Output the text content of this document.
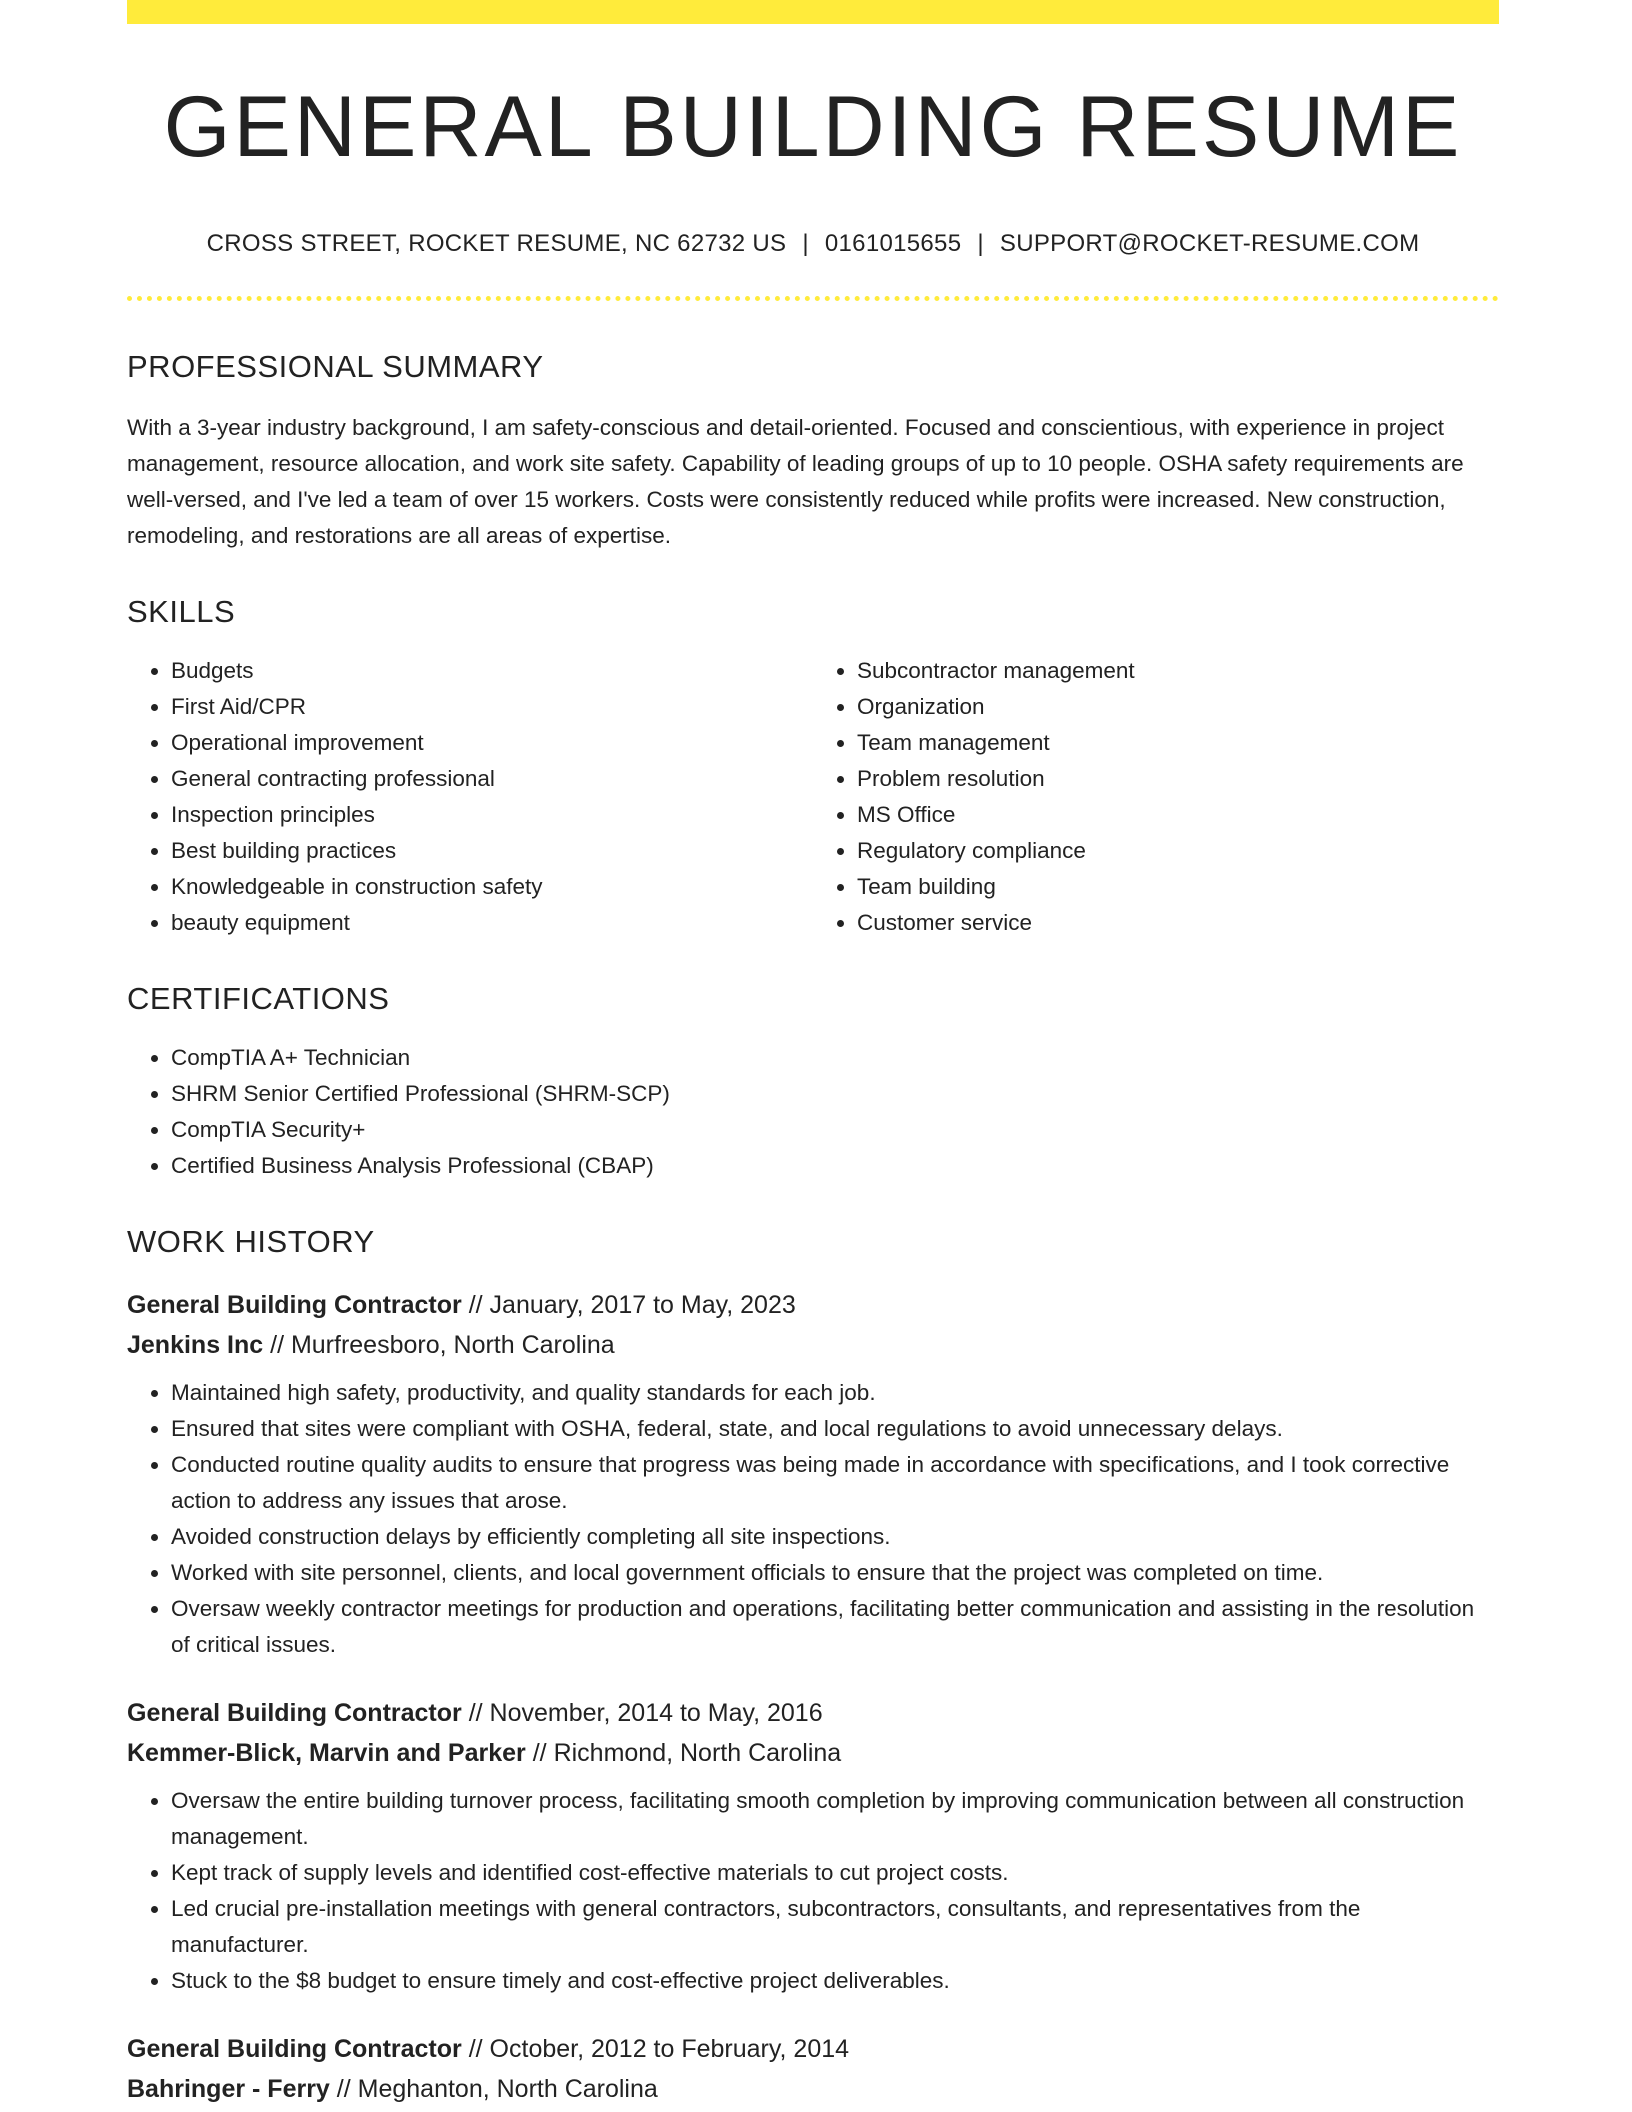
GENERAL BUILDING RESUME
CROSS STREET, ROCKET RESUME, NC 62732 US | 0161015655 | SUPPORT@ROCKET-RESUME.COM
PROFESSIONAL SUMMARY

With a 3-year industry background, I am safety-conscious and detail-oriented. Focused and conscientious, with experience in project management, resource allocation, and work site safety. Capability of leading groups of up to 10 people. OSHA safety requirements are well-versed, and I've led a team of over 15 workers. Costs were consistently reduced while profits were increased. New construction, remodeling, and restorations are all areas of expertise.

SKILLS
• Budgets
• First Aid/CPR
• Operational improvement
• General contracting professional
• Inspection principles
• Best building practices
• Knowledgeable in construction safety
• beauty equipment
• Subcontractor management
• Organization
• Team management
• Problem resolution
• MS Office
• Regulatory compliance
• Team building
• Customer service
CERTIFICATIONS
• CompTIA A+ Technician
• SHRM Senior Certified Professional (SHRM-SCP)
• CompTIA Security+
• Certified Business Analysis Professional (CBAP)
WORK HISTORY
General Building Contractor // January, 2017 to May, 2023
Jenkins Inc // Murfreesboro, North Carolina
• Maintained high safety, productivity, and quality standards for each job.
• Ensured that sites were compliant with OSHA, federal, state, and local regulations to avoid unnecessary delays.
• Conducted routine quality audits to ensure that progress was being made in accordance with specifications, and I took corrective action to address any issues that arose.
• Avoided construction delays by efficiently completing all site inspections.
• Worked with site personnel, clients, and local government officials to ensure that the project was completed on time.
• Oversaw weekly contractor meetings for production and operations, facilitating better communication and assisting in the resolution of critical issues.
General Building Contractor // November, 2014 to May, 2016
Kemmer-Blick, Marvin and Parker // Richmond, North Carolina
• Oversaw the entire building turnover process, facilitating smooth completion by improving communication between all construction management.
• Kept track of supply levels and identified cost-effective materials to cut project costs.
• Led crucial pre-installation meetings with general contractors, subcontractors, consultants, and representatives from the manufacturer.
• Stuck to the $8 budget to ensure timely and cost-effective project deliverables.
General Building Contractor // October, 2012 to February, 2014
Bahringer - Ferry // Meghanton, North Carolina
